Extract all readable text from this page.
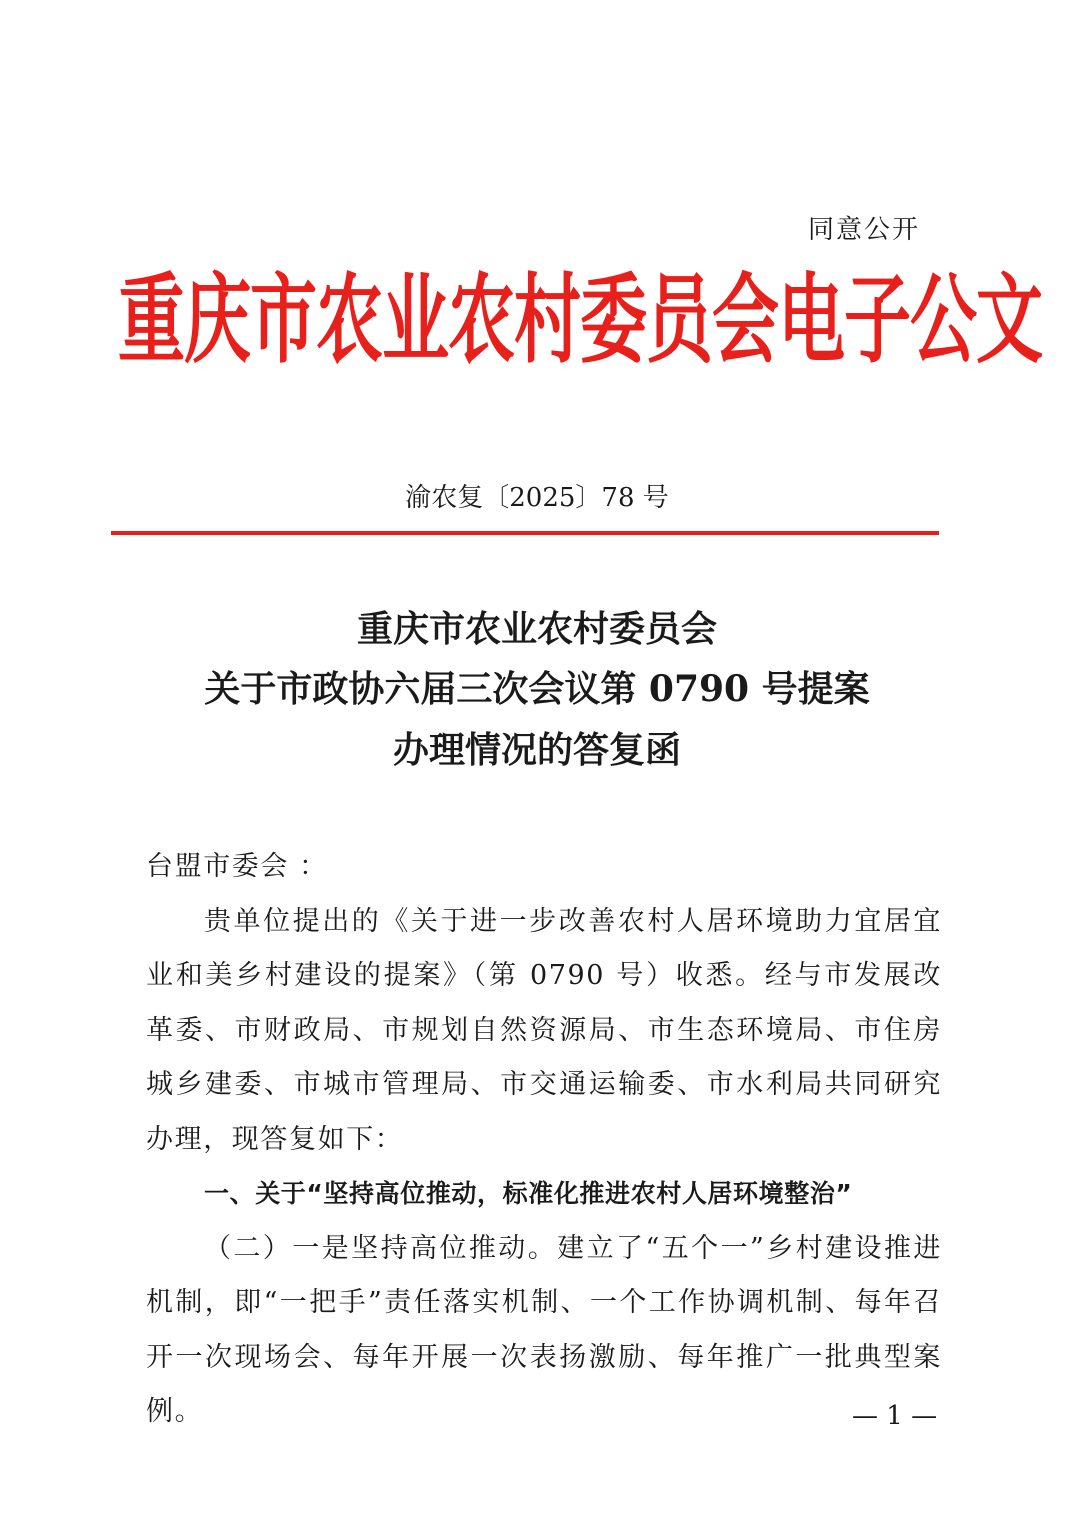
同意公开
重庆市农业农村委员会电子公文
渝农复〔2025〕78 号
重庆市农业农村委员会
关于市政协六届三次会议第 0790 号提案
办理情况的答复函

台盟市委会 ：

贵单位提出的《关于进一步改善农村人居环境助力宜居宜业和美乡村建设的提案》（第 0790 号）收悉。经与市发展改革委、市财政局、市规划自然资源局、市生态环境局、市住房城乡建委、市城市管理局、市交通运输委、市水利局共同研究办理，现答复如下：

一、关于“坚持高位推动，标准化推进农村人居环境整治”

（二）一是坚持高位推动。建立了“五个一”乡村建设推进机制，即“一把手”责任落实机制、一个工作协调机制、每年召开一次现场会、每年开展一次表扬激励、每年推广一批典型案例。	— 1 —
